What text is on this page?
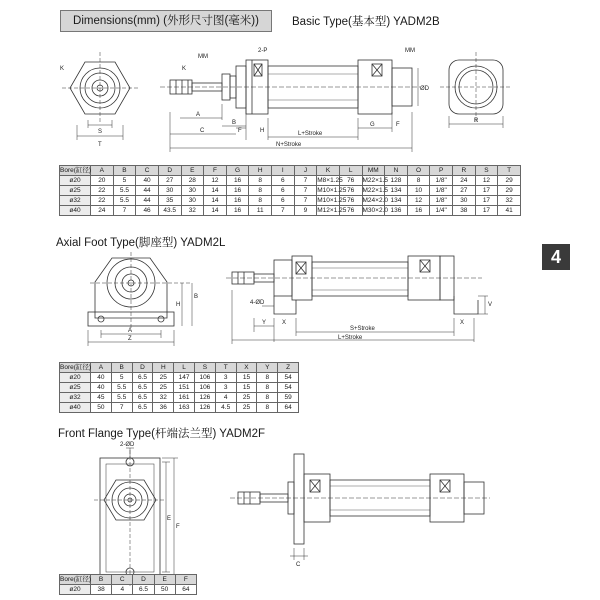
Dimensions(mm) (外形尺寸图(毫米))	Basic Type(基本型) YADM2B
4
K	K
MM
2-P	MM
S
T
A
B
C	F	H	L+Stroke
G	F
N+Stroke
R
ØD
A
Z
H
B
4-ØD
Y	X	X
V
S+Stroke
L+Stroke
2-ØD
E
F
C
Bore(缸径)	A	B	C	D	E	F	G	H	I	J	K	L	MM	N	O	P	R	S	T
ø20	20	5	40	27	28	12	16	8	6	7	M8×1.25	76	M22×1.5	128	8	1/8"	24	12	29
ø25	22	5.5	44	30	30	14	16	8	6	7	M10×1.25	76	M22×1.5	134	10	1/8"	27	17	29
ø32	22	5.5	44	35	30	14	16	8	6	7	M10×1.25	76	M24×2.0	134	12	1/8"	30	17	32
ø40	24	7	46	43.5	32	14	16	11	7	9	M12×1.25	76	M30×2.0	136	16	1/4"	38	17	41
Axial Foot Type(脚座型) YADM2L
Bore(缸径)	A	B	D	H	L	S	T	X	Y	Z
ø20	40	5	6.5	25	147	106	3	15	8	54
ø25	40	5.5	6.5	25	151	106	3	15	8	54
ø32	45	5.5	6.5	32	161	126	4	25	8	59
ø40	50	7	6.5	36	163	126	4.5	25	8	64
Front Flange Type(杆端法兰型) YADM2F
Bore(缸径)	B	C	D	E	F
ø20	38	4	6.5	50	64
